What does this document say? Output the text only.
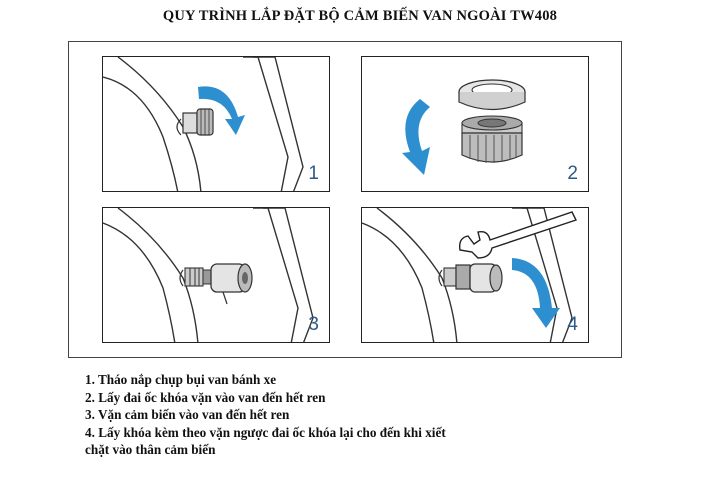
QUY TRÌNH LẮP ĐẶT BỘ CẢM BIẾN VAN NGOÀI TW408
1	2
3	4
1. Tháo nắp chụp bụi van bánh xe
2. Lấy đai ốc khóa vặn vào van đến hết ren
3. Vặn cảm biến vào van đến hết ren
4. Lấy khóa kèm theo vặn ngược đai ốc khóa lại cho đến khi xiết
chặt vào thân cảm biến
